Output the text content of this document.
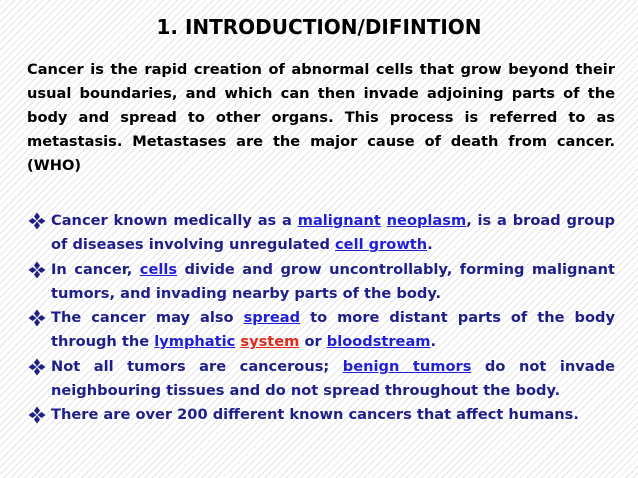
1. INTRODUCTION/DIFINTION

Cancer is the rapid creation of abnormal cells that grow beyond their usual boundaries, and which can then invade adjoining parts of the body and spread to other organs. This process is referred to as metastasis. Metastases are the major cause of death from cancer. (WHO)

Cancer known medically as a malignant neoplasm, is a broad group of diseases involving unregulated cell growth.
In cancer, cells divide and grow uncontrollably, forming malignant tumors, and invading nearby parts of the body.
The cancer may also spread to more distant parts of the body through the lymphatic system or bloodstream.
Not all tumors are cancerous; benign tumors do not invade neighbouring tissues and do not spread throughout the body.
There are over 200 different known cancers that affect humans.
